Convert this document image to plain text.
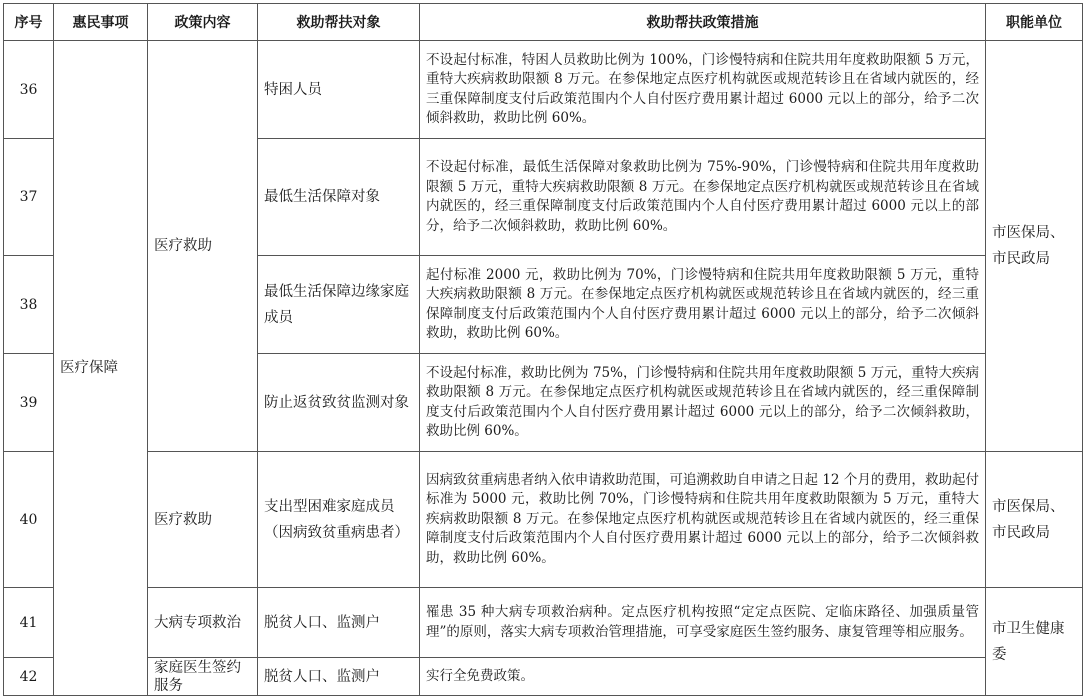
序号	惠民事项	政策内容	救助帮扶对象	救助帮扶政策措施	职能单位
36	医疗保障	医疗救助	特困人员	不设起付标准，特困人员救助比例为 100%，门诊慢特病和住院共用年度救助限额 5 万元，重特大疾病救助限额 8 万元。在参保地定点医疗机构就医或规范转诊且在省域内就医的，经三重保障制度支付后政策范围内个人自付医疗费用累计超过 6000 元以上的部分，给予二次倾斜救助，救助比例 60%。	市医保局、市民政局

37			最低生活保障对象	不设起付标准，最低生活保障对象救助比例为 75%-90%，门诊慢特病和住院共用年度救助限额 5 万元，重特大疾病救助限额 8 万元。在参保地定点医疗机构就医或规范转诊且在省域内就医的，经三重保障制度支付后政策范围内个人自付医疗费用累计超过 6000 元以上的部分，给予二次倾斜救助，救助比例 60%。	
38			最低生活保障边缘家庭成员	起付标准 2000 元，救助比例为 70%，门诊慢特病和住院共用年度救助限额 5 万元，重特大疾病救助限额 8 万元。在参保地定点医疗机构就医或规范转诊且在省域内就医的，经三重保障制度支付后政策范围内个人自付医疗费用累计超过 6000 元以上的部分，给予二次倾斜救助，救助比例 60%。	
39			防止返贫致贫监测对象	不设起付标准，救助比例为 75%，门诊慢特病和住院共用年度救助限额 5 万元，重特大疾病救助限额 8 万元。在参保地定点医疗机构就医或规范转诊且在省域内就医的，经三重保障制度支付后政策范围内个人自付医疗费用累计超过 6000 元以上的部分，给予二次倾斜救助，救助比例 60%。	
40		医疗救助	支出型困难家庭成员（因病致贫重病患者）	因病致贫重病患者纳入依申请救助范围，可追溯救助自申请之日起 12 个月的费用，救助起付标准为 5000 元，救助比例 70%，门诊慢特病和住院共用年度救助限额为 5 万元，重特大疾病救助限额 8 万元。在参保地定点医疗机构就医或规范转诊且在省域内就医的，经三重保障制度支付后政策范围内个人自付医疗费用累计超过 6000 元以上的部分，给予二次倾斜救助，救助比例 60%。	市医保局、市民政局

41		大病专项救治	脱贫人口、监测户	罹患 35 种大病专项救治病种。定点医疗机构按照“定定点医院、定临床路径、加强质量管理”的原则，落实大病专项救治管理措施，可享受家庭医生签约服务、康复管理等相应服务。	市卫生健康委

42		家庭医生签约服务	脱贫人口、监测户	实行全免费政策。	
